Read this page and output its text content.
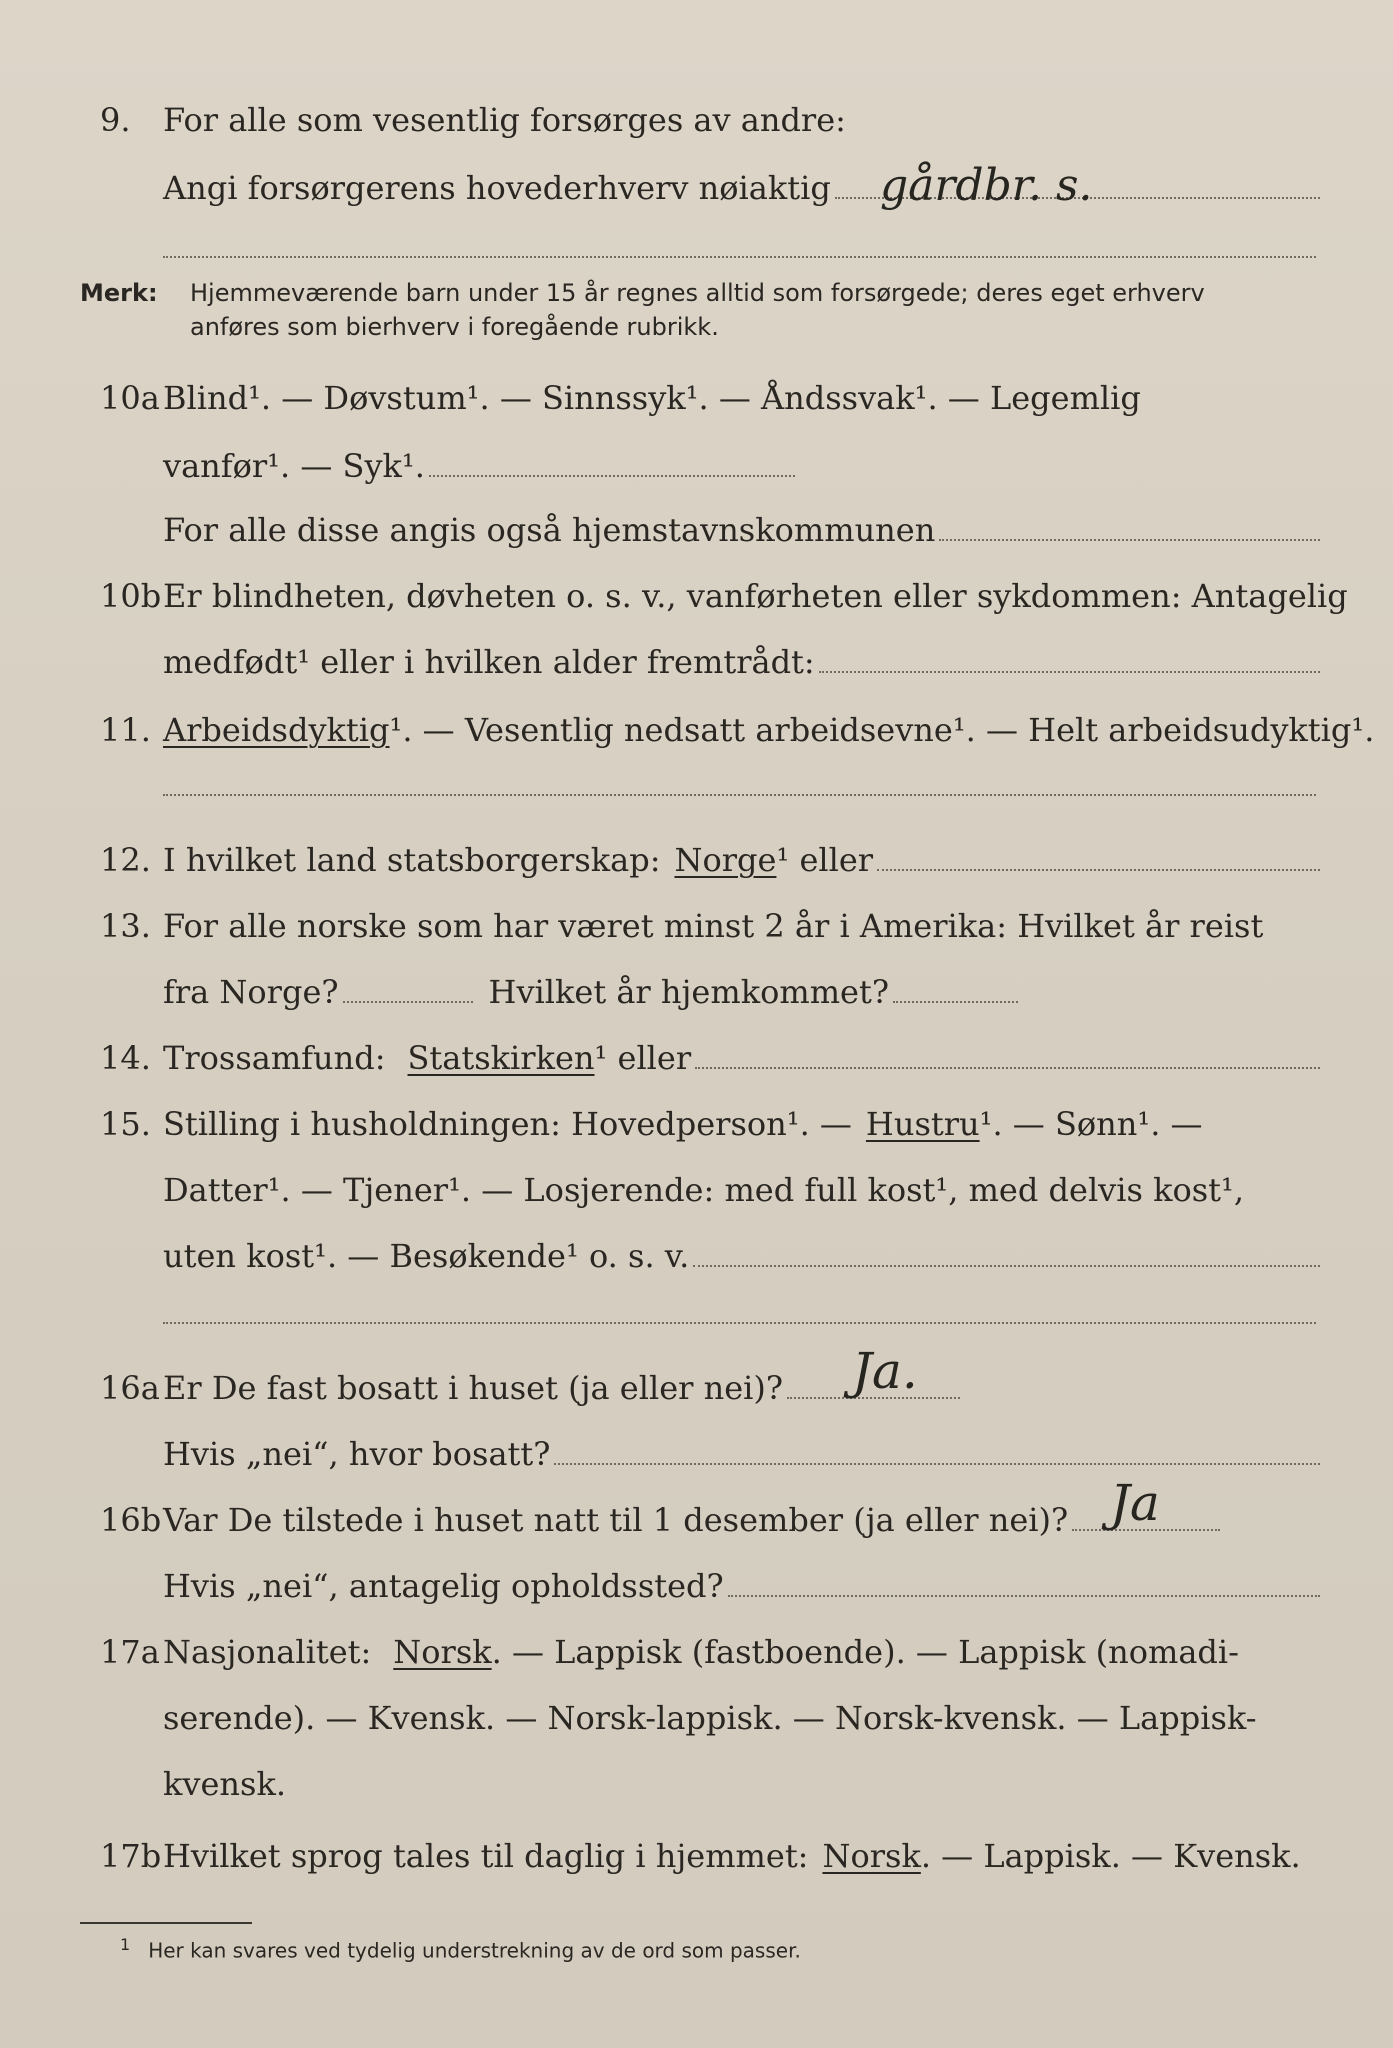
9.	For alle som vesentlig forsørges av andre:
Angi forsørgerens hovederhverv nøiaktig gårdbr. s.
Merk: Hjemmeværende barn under 15 år regnes alltid som forsørgede; deres eget erhverv
anføres som bierhverv i foregående rubrikk.
10a Blind¹. — Døvstum¹. — Sinnssyk¹. — Åndssvak¹. — Legemlig
vanfør¹. — Syk¹.
For alle disse angis også hjemstavnskommunen
10b Er blindheten, døvheten o. s. v., vanførheten eller sykdommen: Antagelig
medfødt¹ eller i hvilken alder fremtrådt:
11. Arbeidsdyktig ¹. — Vesentlig nedsatt arbeidsevne¹. — Helt arbeidsudyktig¹.
12. I hvilket land statsborgerskap: Norge ¹ eller
13. For alle norske som har været minst 2 år i Amerika: Hvilket år reist
fra Norge?	Hvilket år hjemkommet?
14. Trossamfund: Statskirken ¹ eller
15. Stilling i husholdningen: Hovedperson¹. — Hustru ¹. — Sønn¹. —
Datter¹. — Tjener¹. — Losjerende: med full kost¹, med delvis kost¹,
uten kost¹. — Besøkende¹ o. s. v.
16a Er De fast bosatt i huset (ja eller nei)? Ja.
Hvis „nei“, hvor bosatt?
16b Var De tilstede i huset natt til 1 desember (ja eller nei)? Ja
Hvis „nei“, antagelig opholdssted?
17a Nasjonalitet: Norsk . — Lappisk (fastboende). — Lappisk (nomadi-
serende). — Kvensk. — Norsk-lappisk. — Norsk-kvensk. — Lappisk-
kvensk.
17b Hvilket sprog tales til daglig i hjemmet: Norsk . — Lappisk. — Kvensk.
$^1$ Her kan svares ved tydelig understrekning av de ord som passer.
